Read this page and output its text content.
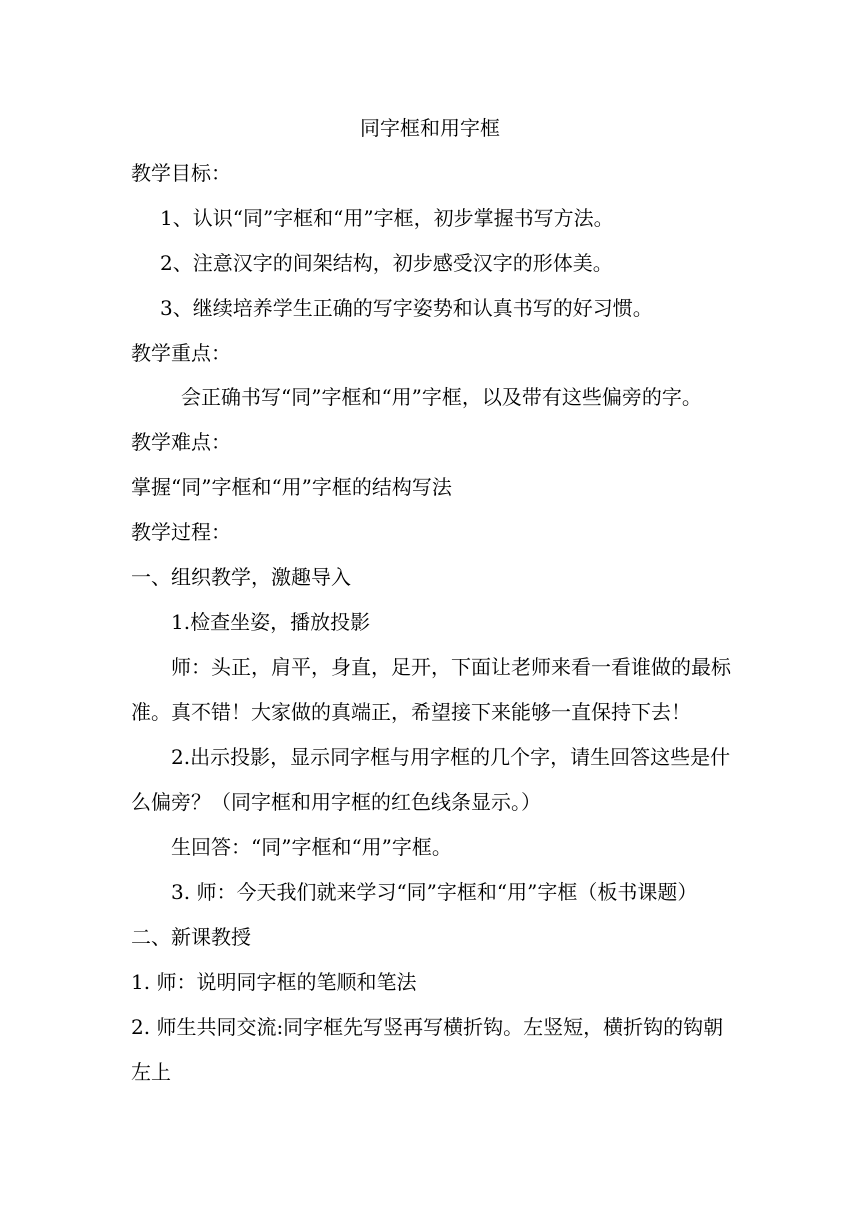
同字框和用字框
教学目标：
1、认识“同”字框和“用”字框，初步掌握书写方法。
2、注意汉字的间架结构，初步感受汉字的形体美。
3、继续培养学生正确的写字姿势和认真书写的好习惯。
教学重点：
会正确书写“同”字框和“用”字框，以及带有这些偏旁的字。
教学难点：
掌握“同”字框和“用”字框的结构写法
教学过程：
一、组织教学，激趣导入
1.检查坐姿，播放投影
师：头正，肩平，身直，足开，下面让老师来看一看谁做的最标
准。真不错！大家做的真端正，希望接下来能够一直保持下去！
2.出示投影，显示同字框与用字框的几个字，请生回答这些是什
么偏旁？（同字框和用字框的红色线条显示。）
生回答：“同”字框和“用”字框。
3. 师：今天我们就来学习“同”字框和“用”字框（板书课题）
二、新课教授
1. 师：说明同字框的笔顺和笔法
2. 师生共同交流:同字框先写竖再写横折钩。左竖短，横折钩的钩朝
左上
